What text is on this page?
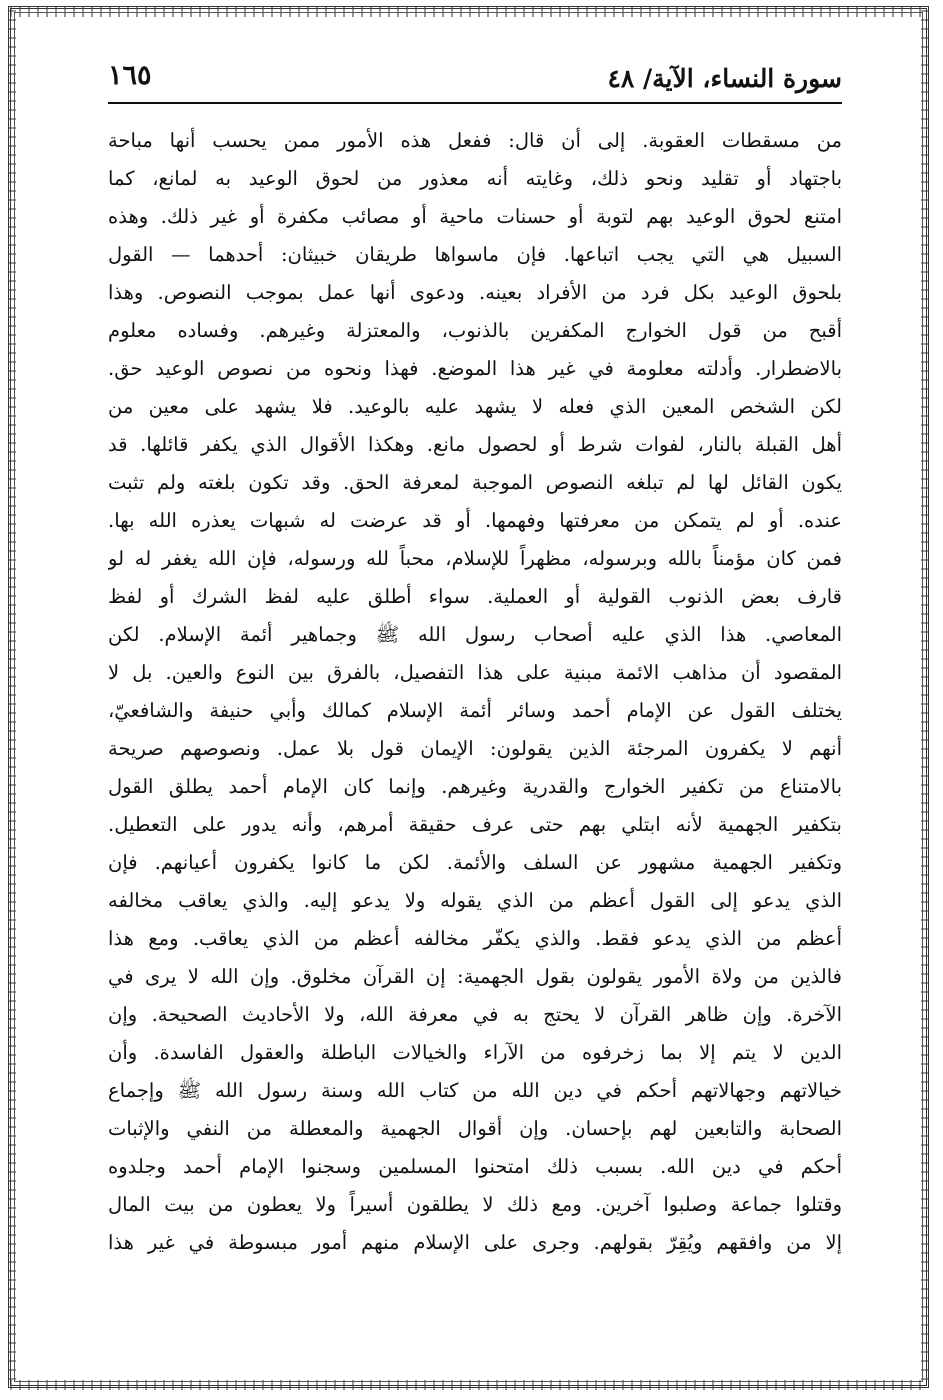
سورة النساء، الآية/ ٤٨
١٦٥
من مسقطات العقوبة. إلى أن قال: ففعل هذه الأمور ممن يحسب أنها مباحة
باجتهاد أو تقليد ونحو ذلك، وغايته أنه معذور من لحوق الوعيد به لمانع، كما
امتنع لحوق الوعيد بهم لتوبة أو حسنات ماحية أو مصائب مكفرة أو غير ذلك. وهذه
السبيل هي التي يجب اتباعها. فإن ماسواها طريقان خبيثان: أحدهما — القول
بلحوق الوعيد بكل فرد من الأفراد بعينه. ودعوى أنها عمل بموجب النصوص. وهذا
أقبح من قول الخوارج المكفرين بالذنوب، والمعتزلة وغيرهم. وفساده معلوم
بالاضطرار. وأدلته معلومة في غير هذا الموضع. فهذا ونحوه من نصوص الوعيد حق.
لكن الشخص المعين الذي فعله لا يشهد عليه بالوعيد. فلا يشهد على معين من
أهل القبلة بالنار، لفوات شرط أو لحصول مانع. وهكذا الأقوال الذي يكفر قائلها. قد
يكون القائل لها لم تبلغه النصوص الموجبة لمعرفة الحق. وقد تكون بلغته ولم تثبت
عنده. أو لم يتمكن من معرفتها وفهمها. أو قد عرضت له شبهات يعذره الله بها.
فمن كان مؤمناً بالله وبرسوله، مظهراً للإسلام، محباً لله ورسوله، فإن الله يغفر له لو
قارف بعض الذنوب القولية أو العملية. سواء أطلق عليه لفظ الشرك أو لفظ
المعاصي. هذا الذي عليه أصحاب رسول الله ﷺ وجماهير أئمة الإسلام. لكن
المقصود أن مذاهب الائمة مبنية على هذا التفصيل، بالفرق بين النوع والعين. بل لا
يختلف القول عن الإمام أحمد وسائر أئمة الإسلام كمالك وأبي حنيفة والشافعيّ،
أنهم لا يكفرون المرجئة الذين يقولون: الإيمان قول بلا عمل. ونصوصهم صريحة
بالامتناع من تكفير الخوارج والقدرية وغيرهم. وإنما كان الإمام أحمد يطلق القول
بتكفير الجهمية لأنه ابتلي بهم حتى عرف حقيقة أمرهم، وأنه يدور على التعطيل.
وتكفير الجهمية مشهور عن السلف والأئمة. لكن ما كانوا يكفرون أعيانهم. فإن
الذي يدعو إلى القول أعظم من الذي يقوله ولا يدعو إليه. والذي يعاقب مخالفه
أعظم من الذي يدعو فقط. والذي يكفّر مخالفه أعظم من الذي يعاقب. ومع هذا
فالذين من ولاة الأمور يقولون بقول الجهمية: إن القرآن مخلوق. وإن الله لا يرى في
الآخرة. وإن ظاهر القرآن لا يحتج به في معرفة الله، ولا الأحاديث الصحيحة. وإن
الدين لا يتم إلا بما زخرفوه من الآراء والخيالات الباطلة والعقول الفاسدة. وأن
خيالاتهم وجهالاتهم أحكم في دين الله من كتاب الله وسنة رسول الله ﷺ وإجماع
الصحابة والتابعين لهم بإحسان. وإن أقوال الجهمية والمعطلة من النفي والإثبات
أحكم في دين الله. بسبب ذلك امتحنوا المسلمين وسجنوا الإمام أحمد وجلدوه
وقتلوا جماعة وصلبوا آخرين. ومع ذلك لا يطلقون أسيراً ولا يعطون من بيت المال
إلا من وافقهم ويُقِرّ بقولهم. وجرى على الإسلام منهم أمور مبسوطة في غير هذا
